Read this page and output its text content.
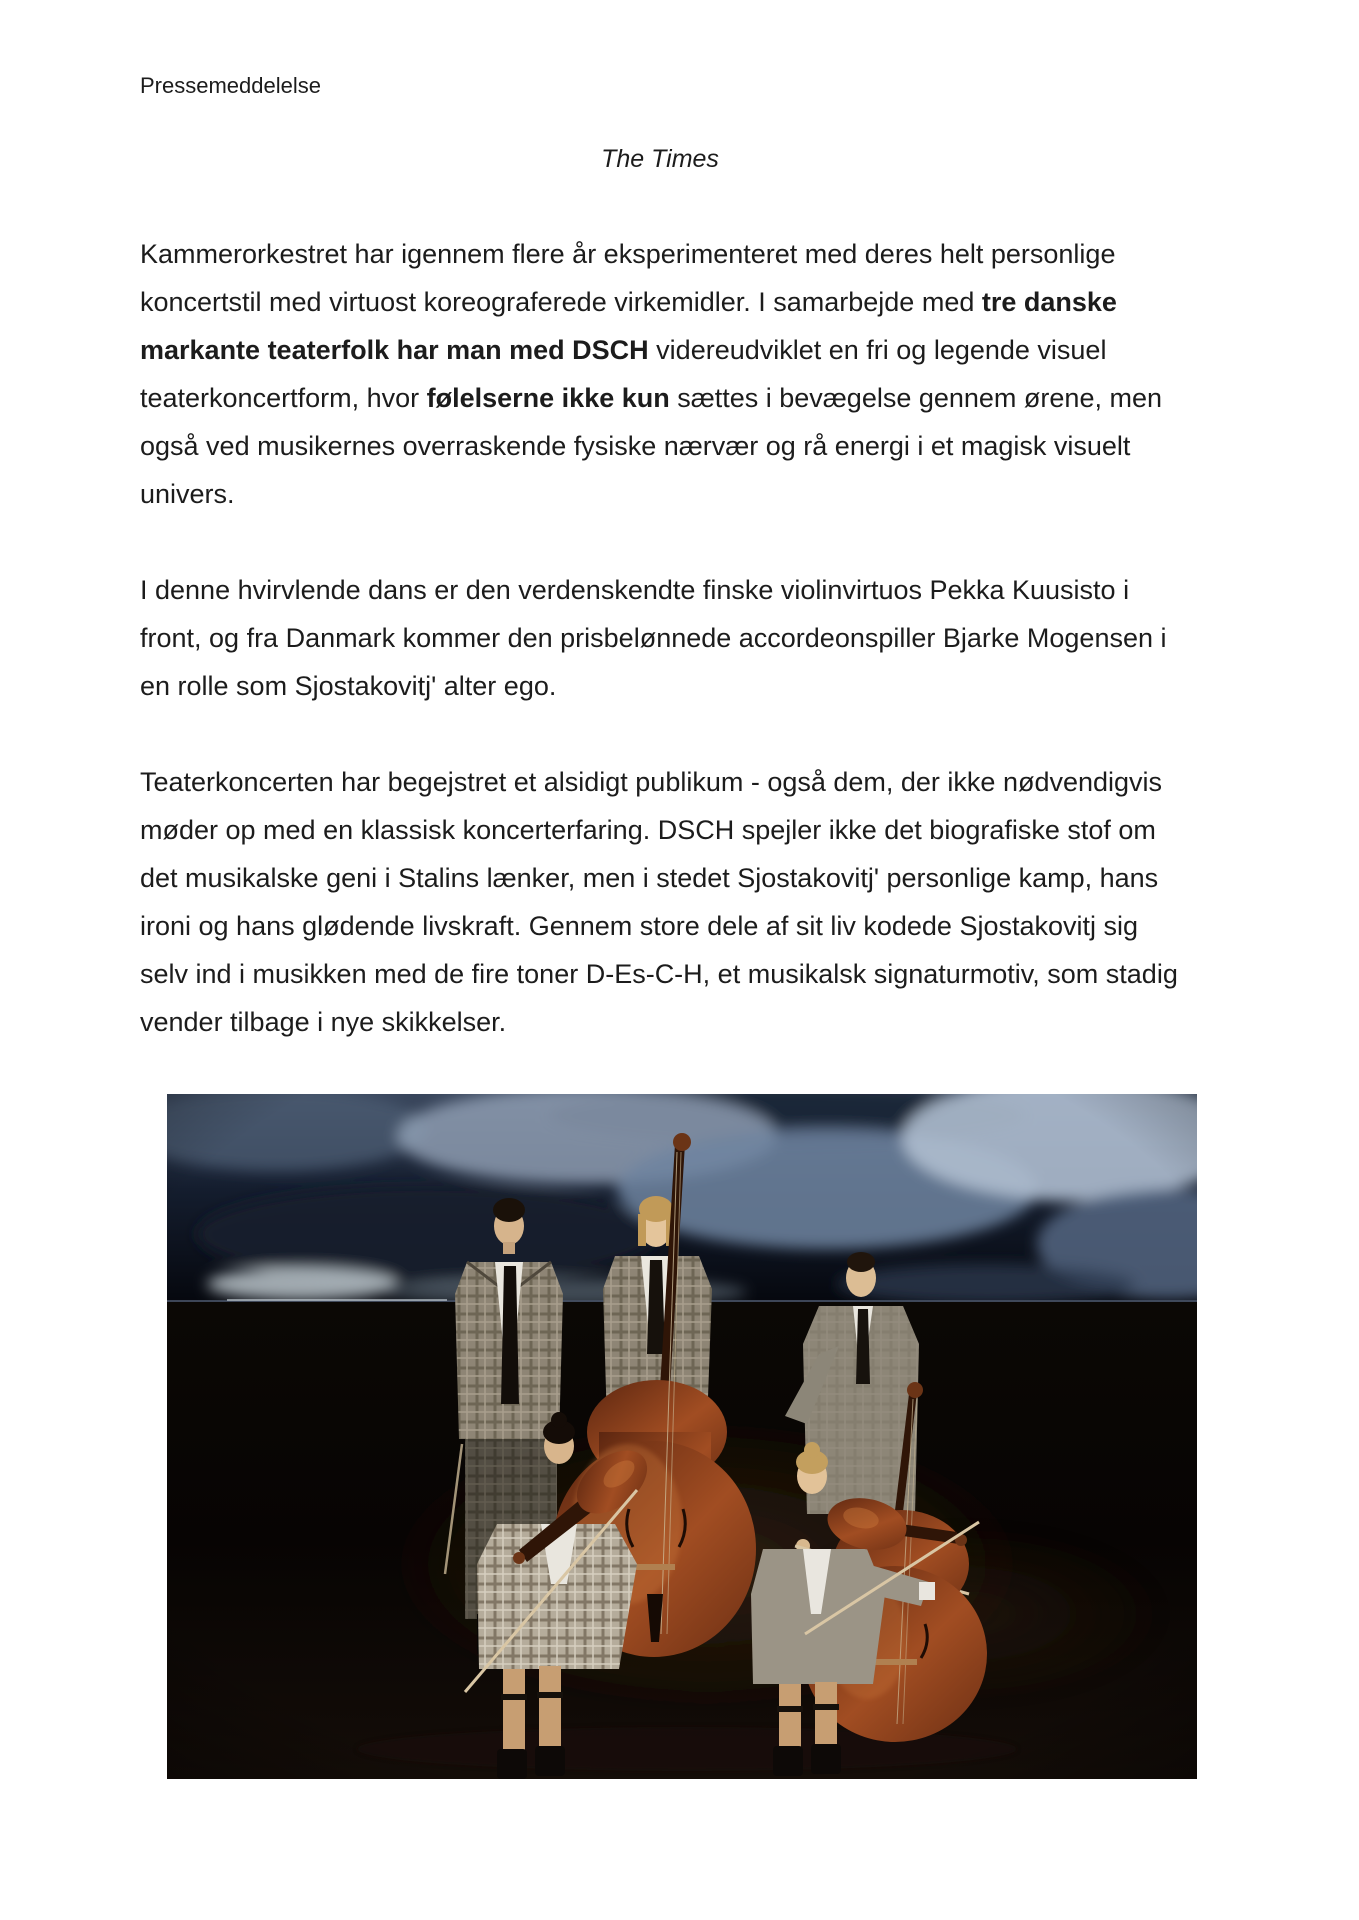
Pressemeddelelse

The Times

Kammerorkestret har igennem flere år eksperimenteret med deres helt personlige koncertstil med virtuost koreograferede virkemidler. I samarbejde med tre danske markante teaterfolk har man med DSCH videreudviklet en fri og legende visuel teaterkoncertform, hvor følelserne ikke kun sættes i bevægelse gennem ørene, men også ved musikernes overraskende fysiske nærvær og rå energi i et magisk visuelt univers.

I denne hvirvlende dans er den verdenskendte finske violinvirtuos Pekka Kuusisto i front, og fra Danmark kommer den prisbelønnede accordeonspiller Bjarke Mogensen i en rolle som Sjostakovitj' alter ego.

Teaterkoncerten har begejstret et alsidigt publikum - også dem, der ikke nødvendigvis møder op med en klassisk koncerterfaring. DSCH spejler ikke det biografiske stof om det musikalske geni i Stalins lænker, men i stedet Sjostakovitj' personlige kamp, hans ironi og hans glødende livskraft. Gennem store dele af sit liv kodede Sjostakovitj sig selv ind i musikken med de fire toner D-Es-C-H, et musikalsk signaturmotiv, som stadig vender tilbage i nye skikkelser.
